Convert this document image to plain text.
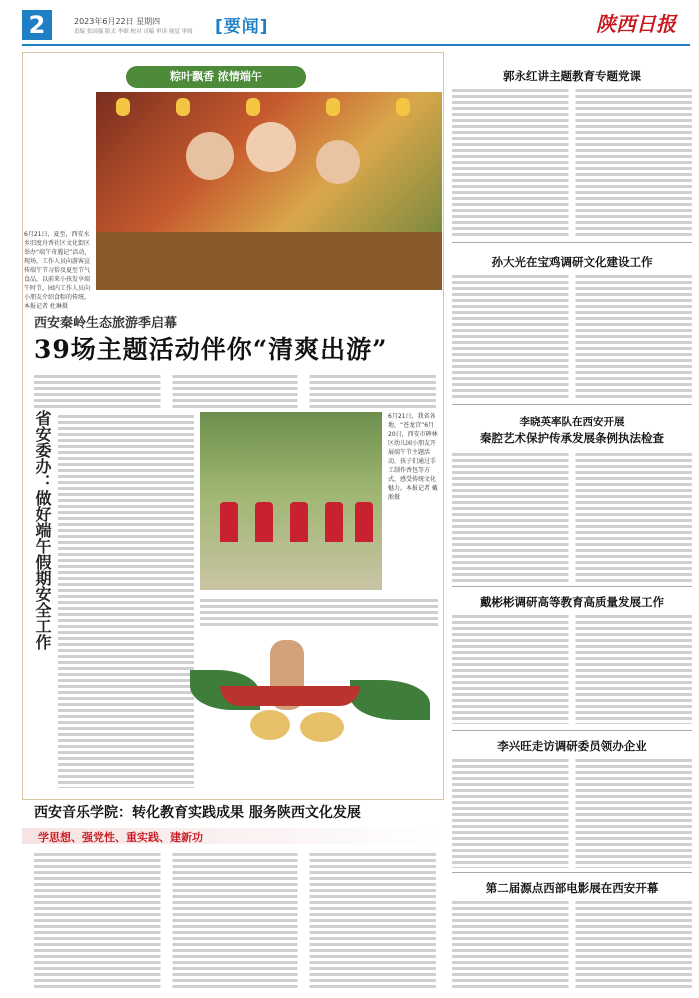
2	2023年6月22日 星期四
责编 张国强 版式 李维 校对 司稿 审读 视觉 审阅 [要闻]	陕西日报
粽叶飘香 浓情端午
6月21日，夏至，西安水乡旧度舟香社区文化街区举办“端午奇遇记”活动，现场，工作人员向游客宣传端午节习俗及夏至节气食品，以前来小孩发享端午时节，园内工作人员向小朋友介绍食粽的传统。本报记者 杜琳摄
西安秦岭生态旅游季启幕
39场主题活动伴你“清爽出游”
省安委办：做好端午假期安全工作	6月21日，我省各地，“苍龙宫”6月20日，西安市碑林区幼儿园小朋友开展端午节主题活动，孩子们通过手工制作香包等方式，感受传统文化魅力。本报记者 戴淞摄
西安音乐学院：转化教育实践成果 服务陕西文化发展
学思想、强党性、重实践、建新功
郭永红讲主题教育专题党课
孙大光在宝鸡调研文化建设工作
李晓英率队在西安开展
秦腔艺术保护传承发展条例执法检查
戴彬彬调研高等教育高质量发展工作
李兴旺走访调研委员领办企业
第二届源点西部电影展在西安开幕
